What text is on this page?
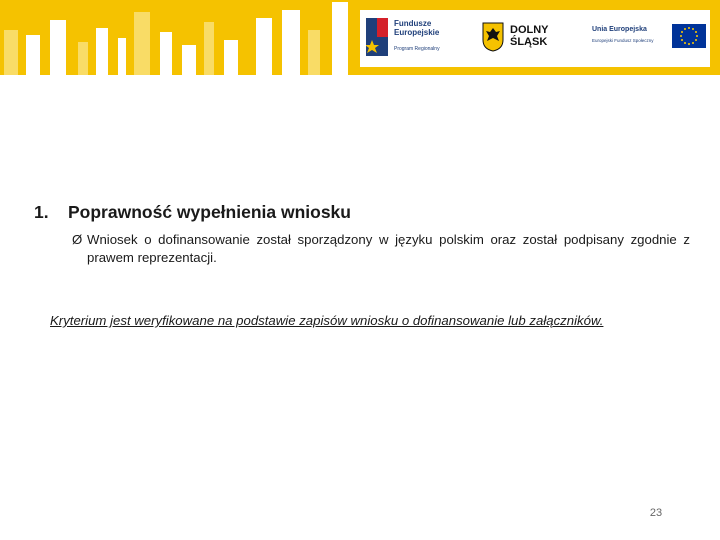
Fundusze
Europejskie
Program Regionalny
DOLNY
ŚLĄSK
Unia Europejska
Europejski Fundusz Społeczny
1. Poprawność wypełnienia wniosku
Ø Wniosek o dofinansowanie został sporządzony w języku polskim oraz został podpisany zgodnie z prawem reprezentacji.
Kryterium jest weryfikowane na podstawie zapisów wniosku o dofinansowanie lub załączników.
23
